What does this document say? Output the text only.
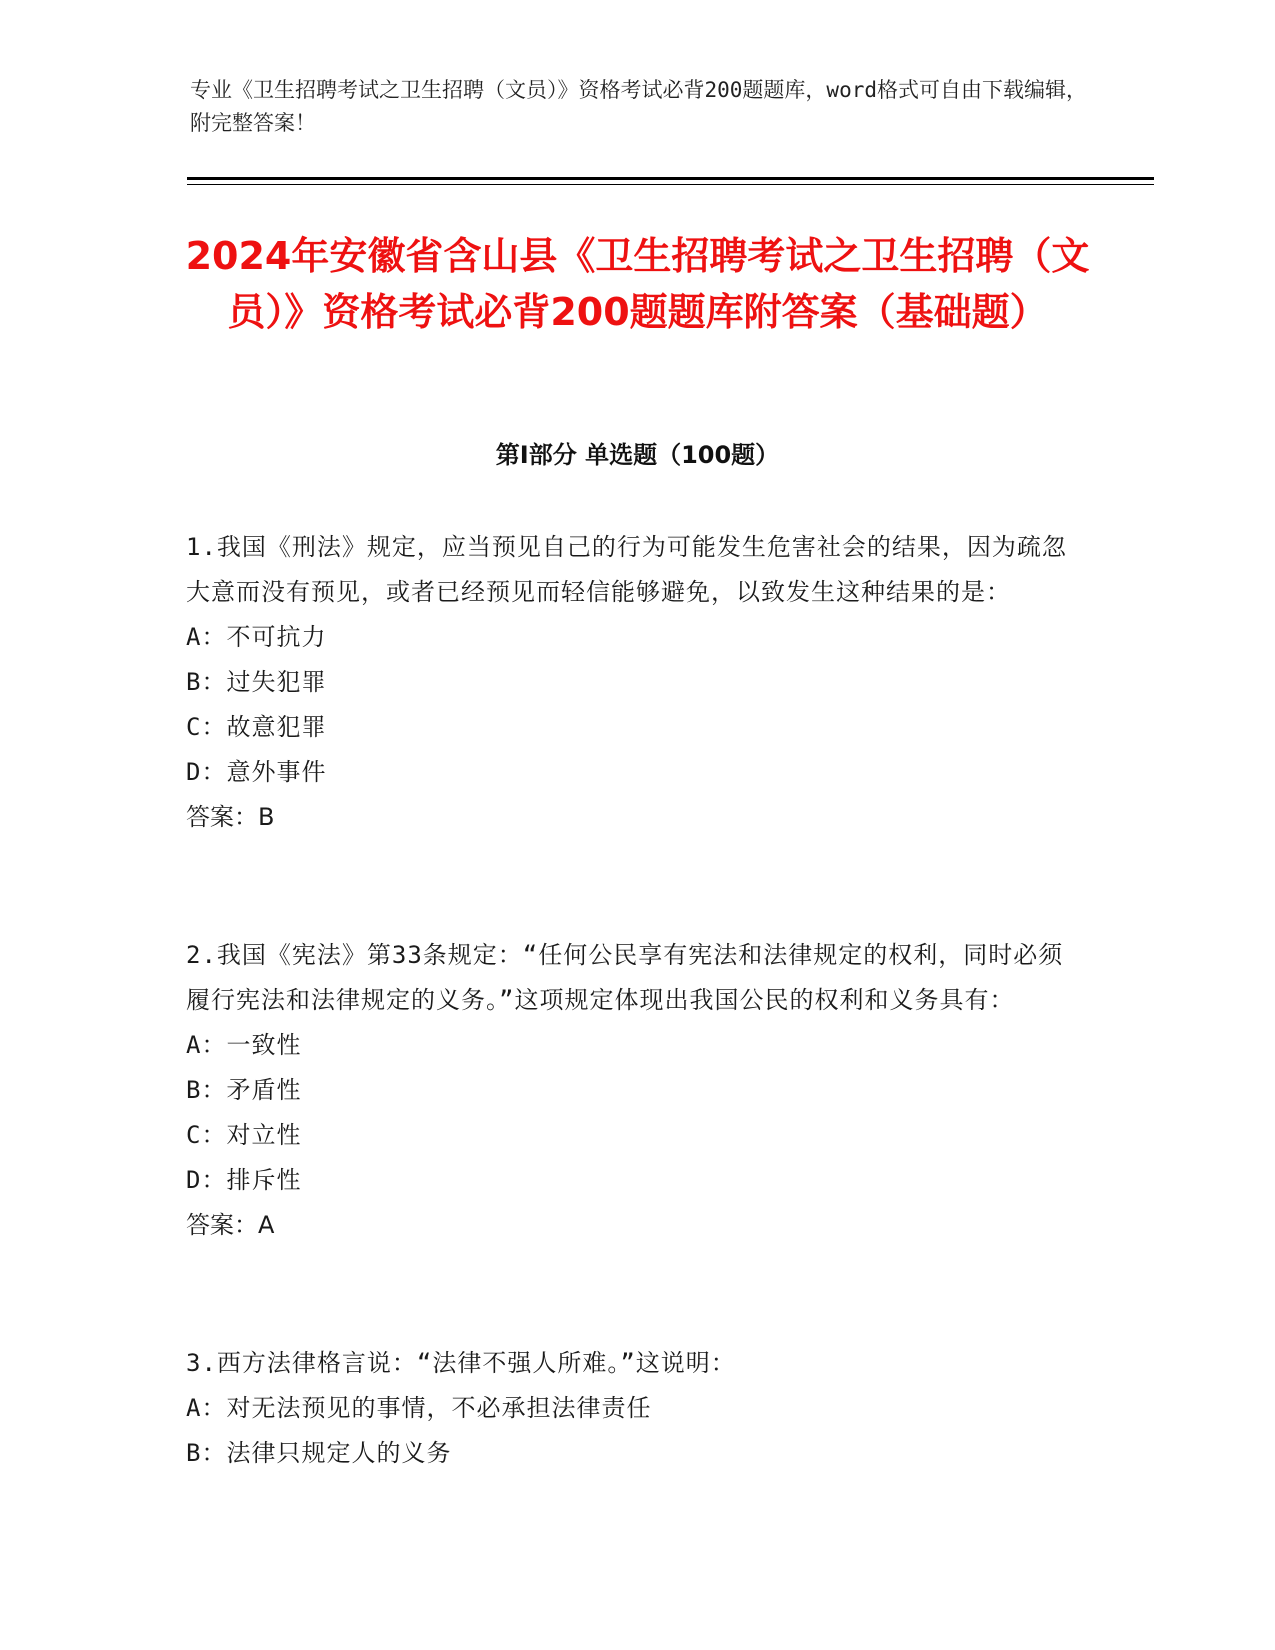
专业《卫生招聘考试之卫生招聘（文员）》资格考试必背200题题库，word格式可自由下载编辑，附完整答案！

2024年安徽省含山县《卫生招聘考试之卫生招聘（文员）》资格考试必背200题题库附答案（基础题）
第I部分 单选题（100题）

1.我国《刑法》规定，应当预见自己的行为可能发生危害社会的结果，因为疏忽大意而没有预见，或者已经预见而轻信能够避免，以致发生这种结果的是：

A：不可抗力

B：过失犯罪

C：故意犯罪

D：意外事件

答案：B

2.我国《宪法》第33条规定：“任何公民享有宪法和法律规定的权利，同时必须履行宪法和法律规定的义务。”这项规定体现出我国公民的权利和义务具有：

A：一致性

B：矛盾性

C：对立性

D：排斥性

答案：A

3.西方法律格言说：“法律不强人所难。”这说明：

A：对无法预见的事情，不必承担法律责任

B：法律只规定人的义务
